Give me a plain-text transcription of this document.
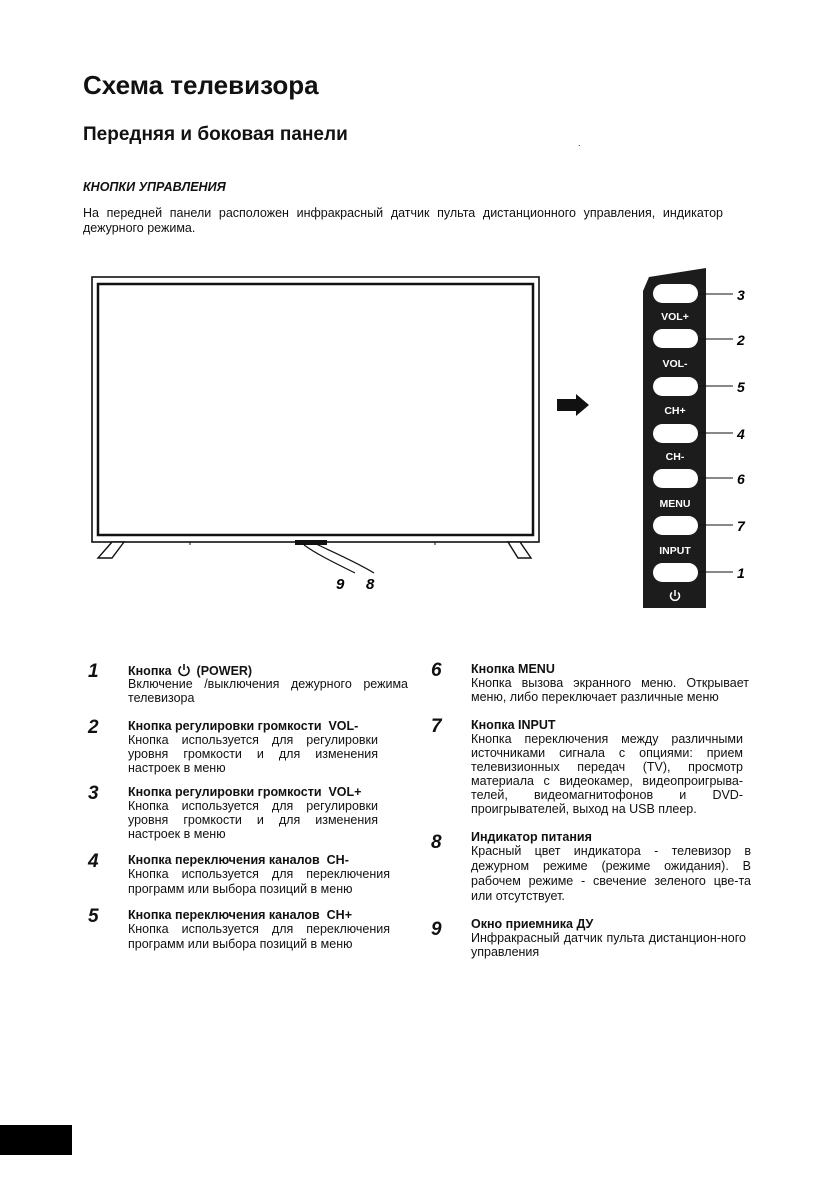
Схема телевизора
Передняя и боковая панели	.
КНОПКИ УПРАВЛЕНИЯ

На передней панели расположен инфракрасный датчик пульта дистанционного управления, индикатор дежурного режима.

9 8
VOL+
3
VOL-
2
CH+
5
CH-
4
MENU
6
INPUT
7
1
1 Кнопка (POWER)

Включение /выключения дежурного режима телевизора

2 Кнопка регулировки громкости VOL-

Кнопка используется для регулировки уровня громкости и для изменения настроек в меню

3 Кнопка регулировки громкости VOL+

Кнопка используется для регулировки уровня громкости и для изменения настроек в меню

4 Кнопка переключения каналов CH-

Кнопка используется для переключения программ или выбора позиций в меню

5 Кнопка переключения каналов CH+

Кнопка используется для переключения программ или выбора позиций в меню

6 Кнопка MENU

Кнопка вызова экранного меню. Открывает меню, либо переключает различные меню

7 Кнопка INPUT

Кнопка переключения между различными источниками сигнала с опциями: прием телевизионных передач (TV), просмотр материала с видеокамер, видеопроигрыва-телей, видеомагнитофонов и DVD-проигрывателей, выход на USB плеер.

8 Индикатор питания

Красный цвет индикатора - телевизор в дежурном режиме (режиме ожидания). В рабочем режиме - свечение зеленого цве-та или отсутствует.

9 Окно приемника ДУ

Инфракрасный датчик пульта дистанцион-ного управления
